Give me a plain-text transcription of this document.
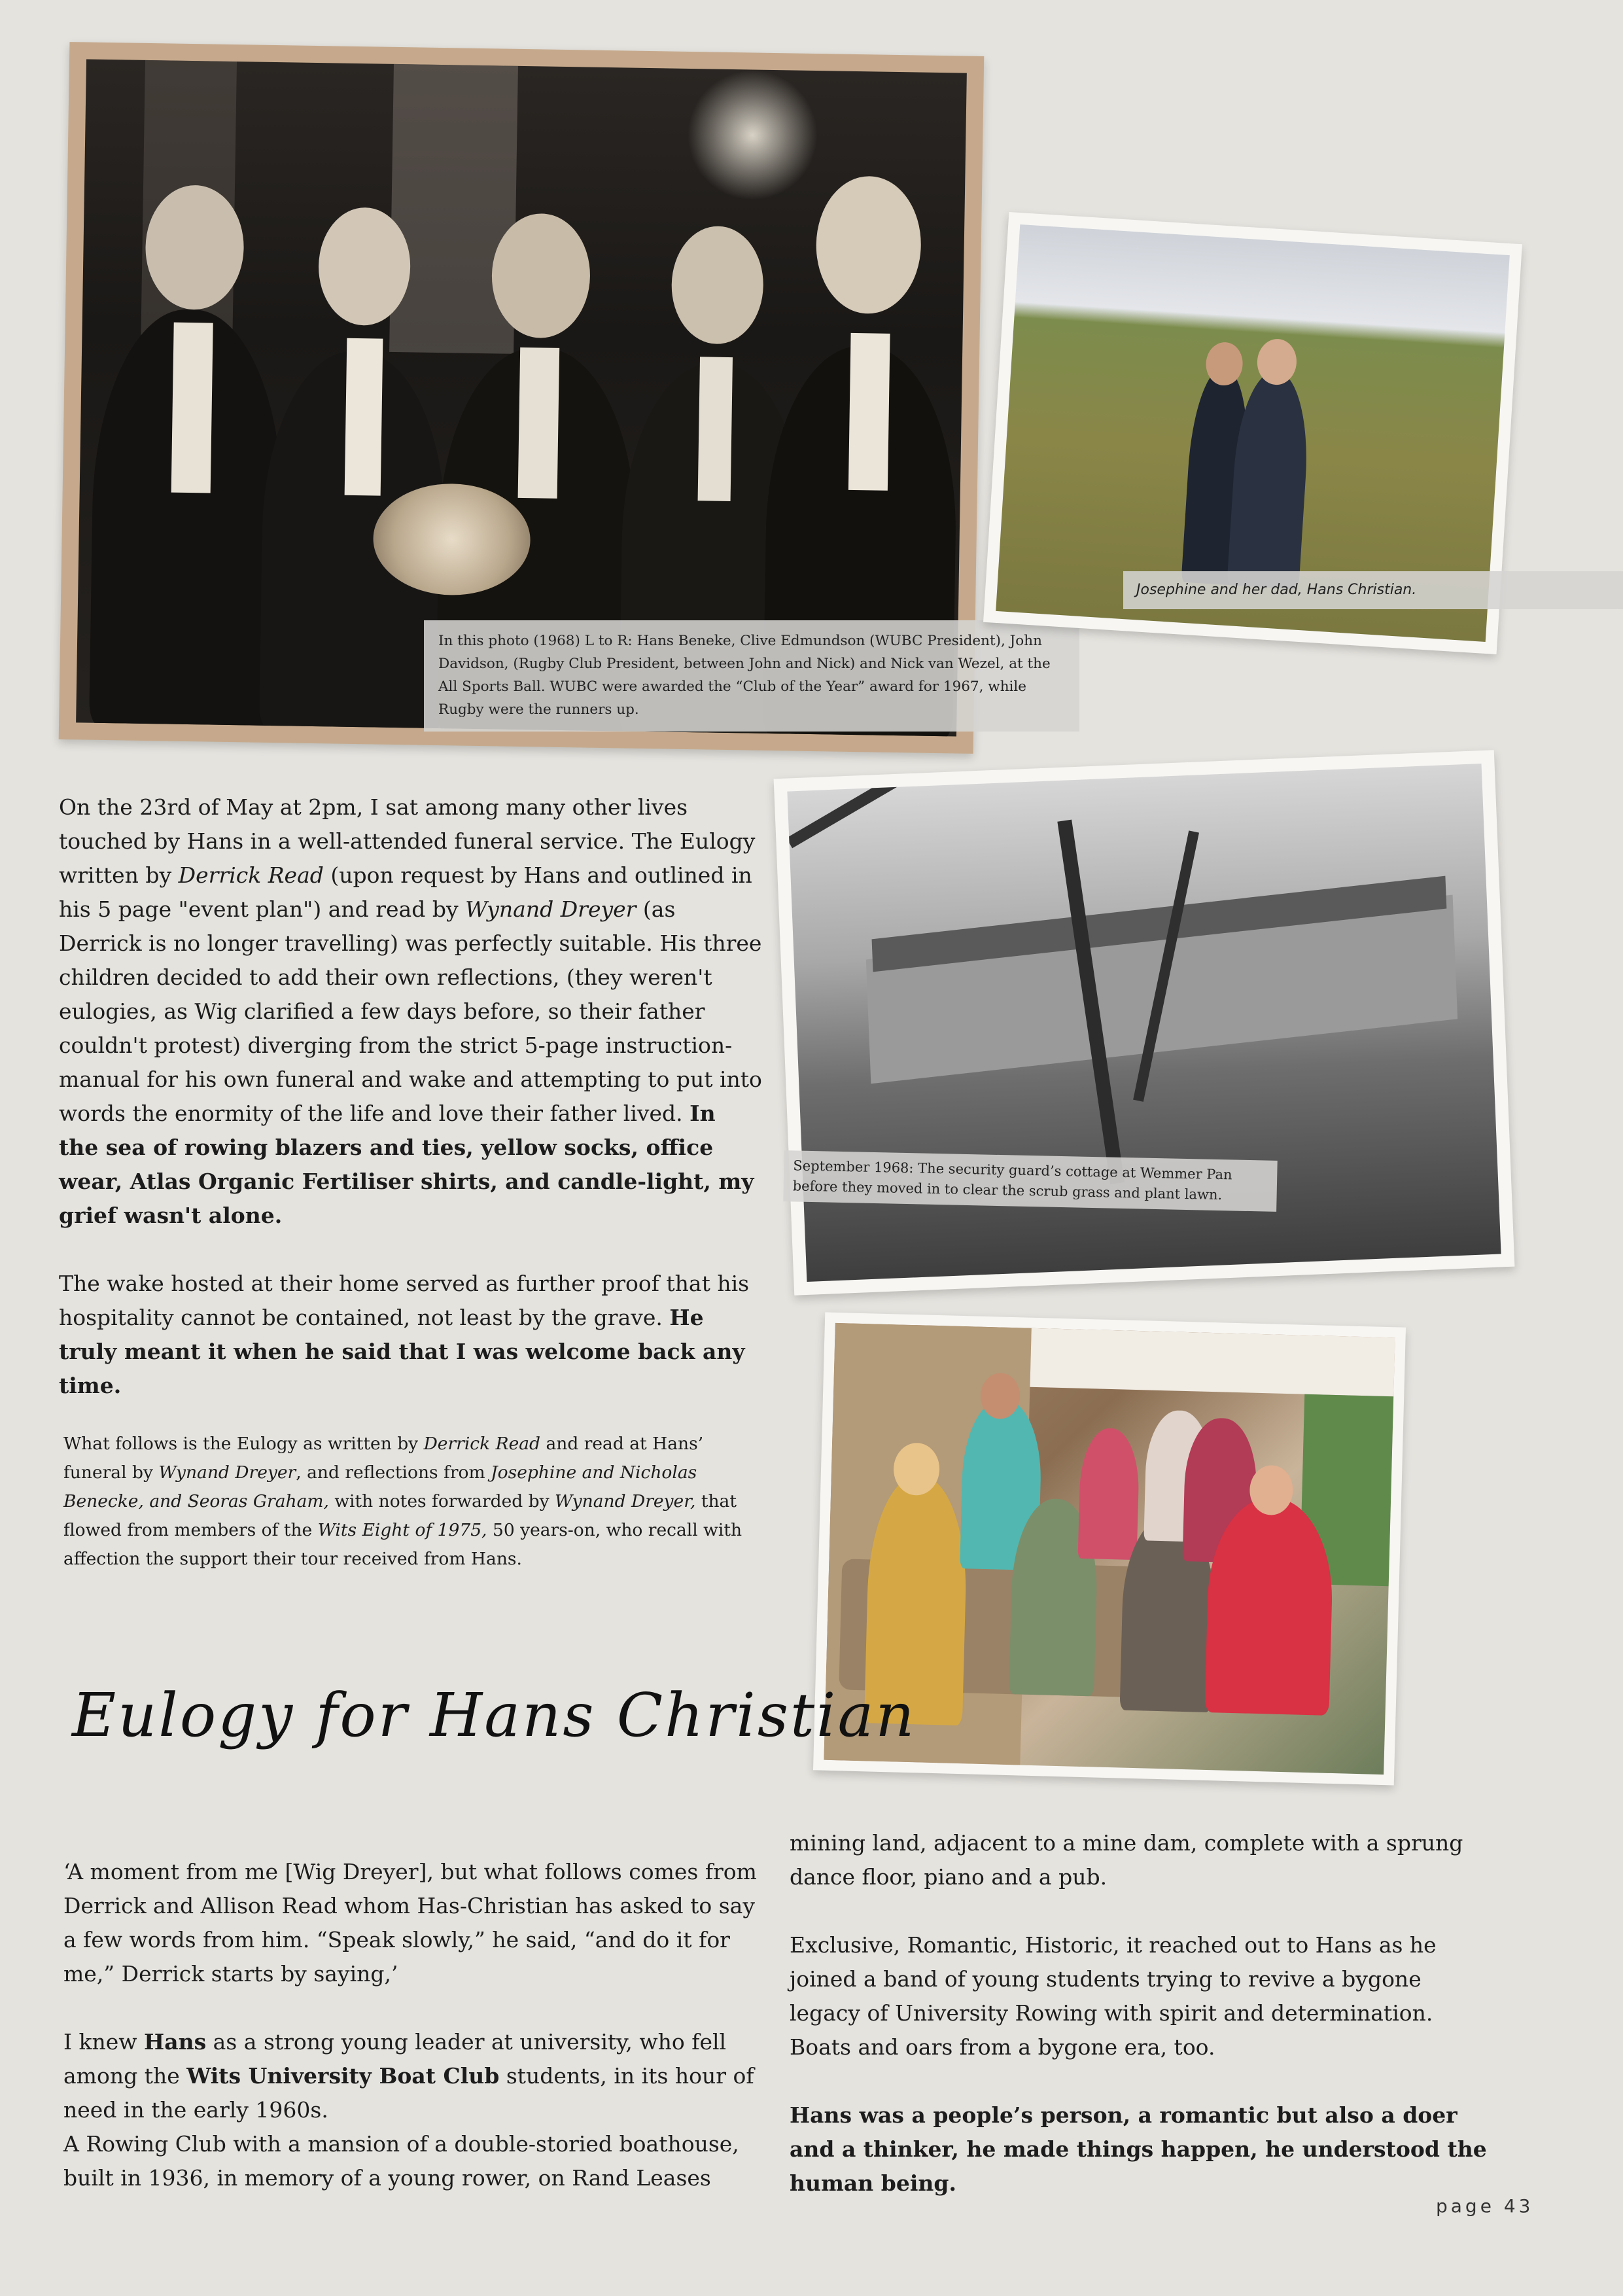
In this photo (1968) L to R: Hans Beneke, Clive Edmundson (WUBC President), John Davidson, (Rugby Club President, between John and Nick) and Nick van Wezel, at the All Sports Ball. WUBC were awarded the “Club of the Year” award for 1967, while Rugby were the runners up.
Josephine and her dad, Hans Christian.
September 1968: The security guard’s cottage at Wemmer Pan before they moved in to clear the scrub grass and plant lawn.

On the 23rd of May at 2pm, I sat among many other lives touched by Hans in a well-attended funeral service. The Eulogy written by Derrick Read (upon request by Hans and outlined in his 5 page "event plan") and read by Wynand Dreyer (as Derrick is no longer travelling) was perfectly suitable. His three children decided to add their own reflections, (they weren't eulogies, as Wig clarified a few days before, so their father couldn't protest) diverging from the strict 5-page instruction-manual for his own funeral and wake and attempting to put into words the enormity of the life and love their father lived. In the sea of rowing blazers and ties, yellow socks, office wear, Atlas Organic Fertiliser shirts, and candle-light, my grief wasn't alone.

The wake hosted at their home served as further proof that his hospitality cannot be contained, not least by the grave. He truly meant it when he said that I was welcome back any time.

What follows is the Eulogy as written by Derrick Read and read at Hans’ funeral by Wynand Dreyer, and reflections from Josephine and Nicholas Benecke, and Seoras Graham, with notes forwarded by Wynand Dreyer, that flowed from members of the Wits Eight of 1975, 50 years-on, who recall with affection the support their tour received from Hans.

Eulogy for Hans Christian

‘A moment from me [Wig Dreyer], but what follows comes from Derrick and Allison Read whom Has-Christian has asked to say a few words from him. “Speak slowly,” he said, “and do it for me,” Derrick starts by saying,’

I knew Hans as a strong young leader at university, who fell among the Wits University Boat Club students, in its hour of need in the early 1960s.

A Rowing Club with a mansion of a double-storied boathouse, built in 1936, in memory of a young rower, on Rand Leases

mining land, adjacent to a mine dam, complete with a sprung dance floor, piano and a pub.

Exclusive, Romantic, Historic, it reached out to Hans as he joined a band of young students trying to revive a bygone legacy of University Rowing with spirit and determination. Boats and oars from a bygone era, too.

Hans was a people’s person, a romantic but also a doer and a thinker, he made things happen, he understood the human being.

page 43
